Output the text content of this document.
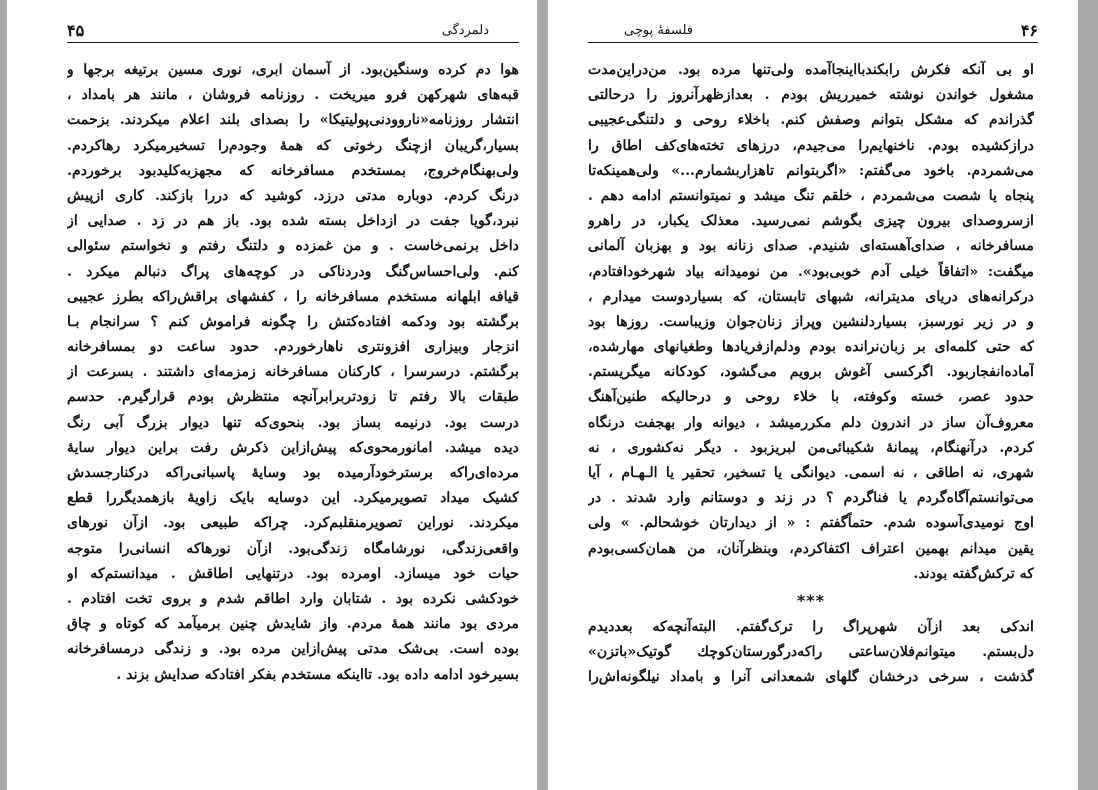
۴۵	دلمردگی
هوا دم کرده وسنگین‌بود. از آسمان ابری، نوری مسین برتیغه برجها و
قبه‌های شهرکهن فرو میریخت . روزنامه فروشان ، مانند هر بامداد ،
انتشار روزنامه«ناروودنی‌پولیتیکا» را بصدای بلند اعلام میکردند. بزحمت
بسیار،گریبان ازچنگ رخوتی که همهٔ وجودم‌را تسخیرمیکرد رهاکردم.
ولی‌بهنگام‌خروج، بمستخدم مسافرخانه که مجهزبه‌کلیدبود برخوردم.
درنگ کردم. دوباره مدتی درزد. کوشید که دررا بازکند. کاری ازپیش
نبرد،گویا جفت در ازداخل بسته شده بود. باز هم در زد . صدایی از
داخل برنمی‌خاست . و من غمزده و دلتنگ رفتم و نخواستم سئوالی
کنم. ولی‌احساس‌گنگ ودردناکی در کوچه‌های پراگ دنبالم میکرد .
قیافه ابلهانه مستخدم مسافرخانه را ، کفشهای براقش‌راکه بطرز عجیبی
برگشته بود ودکمه افتاده‌کتش را چگونه فراموش کنم ؟ سرانجام بـا
انزجار وبیزاری افزونتری ناهارخوردم. حدود ساعت دو بمسافرخانه
برگشتم. درسرسرا ، کارکنان مسافرخانه زمزمه‌ای داشتند . بسرعت از
طبقات بالا رفتم تا زودتربرابرآنچه منتظرش بودم قرارگیرم. حدسم
درست بود. درنیمه بساز بود. بنحوی‌که تنها دیوار بزرگ آبی رنگ
دیده میشد. امانورمحوی‌که پیش‌ازاین ذکرش رفت براین دیوار سایهٔ
مرده‌ای‌راکه برسترخودآرمیده بود وسایهٔ پاسبانی‌راکه درکنارجسدش
کشیک میداد تصویرمیکرد. این دوسایه بایک زاویهٔ بازهمدیگررا قطع
میکردند. نوراین تصویرمنقلبم‌کرد. چراکه طبیعی بود. ازآن نورهای
واقعی‌زندگی، نورشامگاه زندگی‌بود. ازآن نورهاکه انسانی‌را متوجه
حیات خود میسازد. اومرده بود. درتنهایی اطاقش . میدانستم‌که او
خودکشی نکرده بود . شتابان وارد اطاقم شدم و بروی تخت افتادم .
مردی بود مانند همهٔ مردم. واز شایدش چنین برمیآمد که کوتاه و چاق
بوده است. بی‌شک مدتی پیش‌ازاین مرده بود. و زندگی درمسافرخانه
بسیرخود ادامه داده بود. تااینکه مستخدم بفکر افتادکه صدایش بزند .
۴۶
فلسفهٔ پوچی
او بی آنکه فکرش رابکندبااینجاآمده ولی‌تنها مرده بود. من‌دراین‌مدت
مشغول خواندن نوشته خمیرریش بودم . بعدازظهرآنروز را درحالتی
گذراندم که مشکل بتوانم وصفش کنم. باخلاء روحی و دلتنگی‌عجیبی
درازکشیده بودم. ناخنهایم‌را می‌جیدم، درزهای تخته‌های‌کف اطاق را
می‌شمردم. باخود می‌گفتم: «اگربتوانم تاهزاربشمارم...» ولی‌همینکه‌تا
پنجاه یا شصت می‌شمردم ، خلقم تنگ میشد و نمیتوانستم ادامه دهم .
ازسروصدای بیرون چیزی بگوشم نمی‌رسید. معذلک یکبار، در راهرو
مسافرخانه ، صدای‌آهسته‌ای شنیدم. صدای زنانه بود و بهزبان آلمانی
میگفت: «اتفاقاً خیلی آدم خوبی‌بود». من نومیدانه بیاد شهرخودافتادم،
درکرانه‌های دریای مدیترانه، شبهای تابستان، که بسیاردوست میدارم ،
و در زیر نورسبز، بسیاردلنشین وپراز زنان‌جوان وزیباست. روزها بود
که حتی کلمه‌ای بر زبان‌نرانده بودم ودلم‌ازفریادها وطغیانهای مهارشده،
آماده‌انفجاربود. اگرکسی آغوش برویم می‌گشود، کودکانه میگریستم.
حدود عصر، خسته وکوفته، با خلاء روحی و درحالیکه طنین‌آهنگ
معروف‌آن ساز در اندرون دلم مکررمیشد ، دیوانه وار بهجفت درنگاه
کردم. درآنهنگام، پیمانهٔ شکیبائی‌من لبریزبود . دیگر نه‌کشوری ، نه
شهری، نه اطاقی ، نه اسمی. دیوانگی یا تسخیر، تحقیر یا الـهـام ، آیا
می‌توانستم‌آگاه‌گردم یا فناگردم ؟ در زند و دوستانم وارد شدند . در
اوج نومیدی‌آسوده شدم. حتماًگفتم : « از دیدارتان خوشحالم. » ولی
یقین میدانم بهمین اعتراف اکتفاکردم، وبنظرآنان، من همان‌کسی‌بودم
که ترکش‌گفته بودند.
***
اندکی بعد ازآن شهرپراگ را ترک‌گفتم. البته‌آنچه‌که بعددیدم
دل‌بستم. میتوانم‌فلان‌ساعتی راکه‌درگورستان‌کوچك گوتیک«باتزن»
گذشت ، سرخی درخشان گلهای شمعدانی آنرا و بامداد نیلگونه‌اش‌را
